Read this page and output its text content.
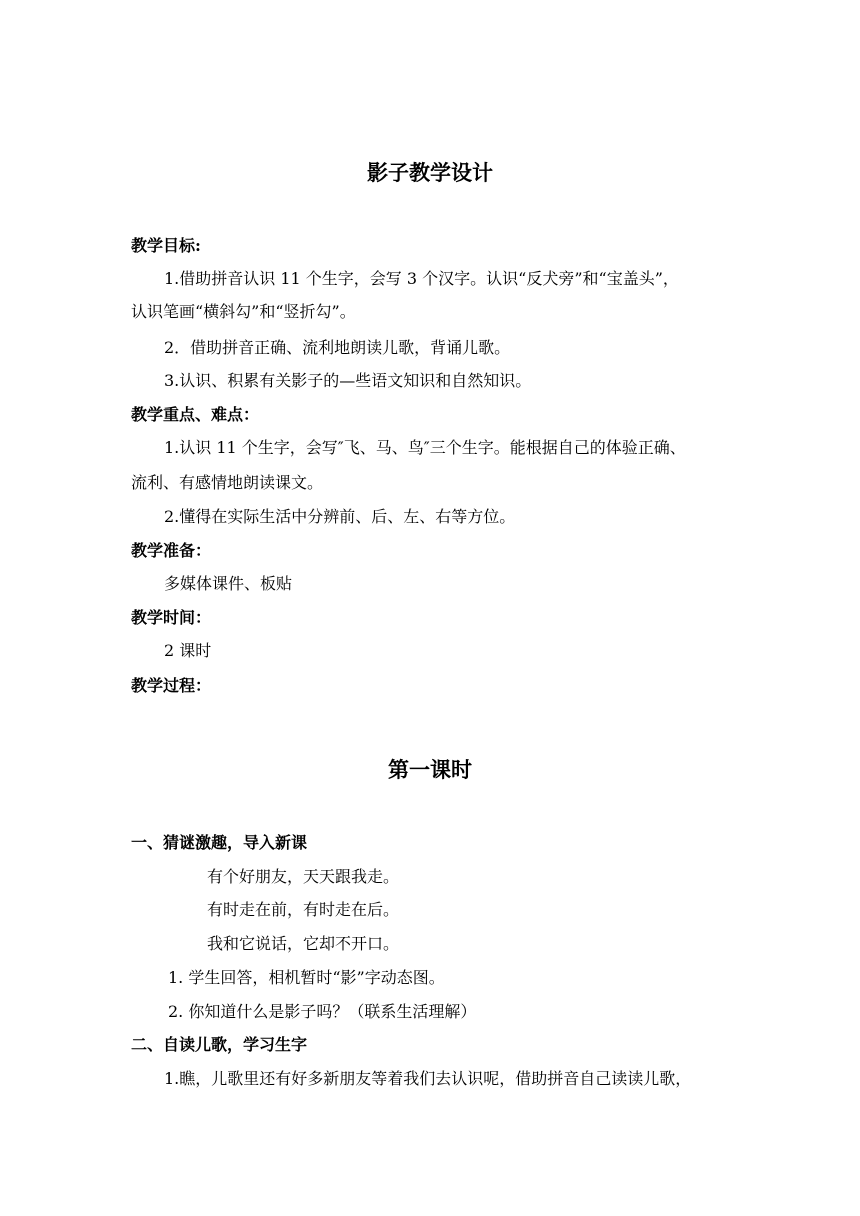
影子教学设计
教学目标:
1.借助拼音认识 11 个生字，会写 3 个汉字。认识“反犬旁”和“宝盖头”，
认识笔画“横斜勾”和“竖折勾”。
2．借助拼音正确、流利地朗读儿歌，背诵儿歌。
3.认识、积累有关影子的—些语文知识和自然知识。
教学重点、难点：
1.认识 11 个生字，会写″飞、马、鸟″三个生字。能根据自己的体验正确、
流利、有感情地朗读课文。
2.懂得在实际生活中分辨前、后、左、右等方位。
教学准备：
多媒体课件、板贴
教学时间：
2 课时
教学过程：
第一课时
一、猜谜激趣，导入新课
有个好朋友，天天跟我走。
有时走在前，有时走在后。
我和它说话，它却不开口。
1. 学生回答，相机暂时“影”字动态图。
2. 你知道什么是影子吗？（联系生活理解）
二、自读儿歌，学习生字
1.瞧，儿歌里还有好多新朋友等着我们去认识呢，借助拼音自己读读儿歌，
